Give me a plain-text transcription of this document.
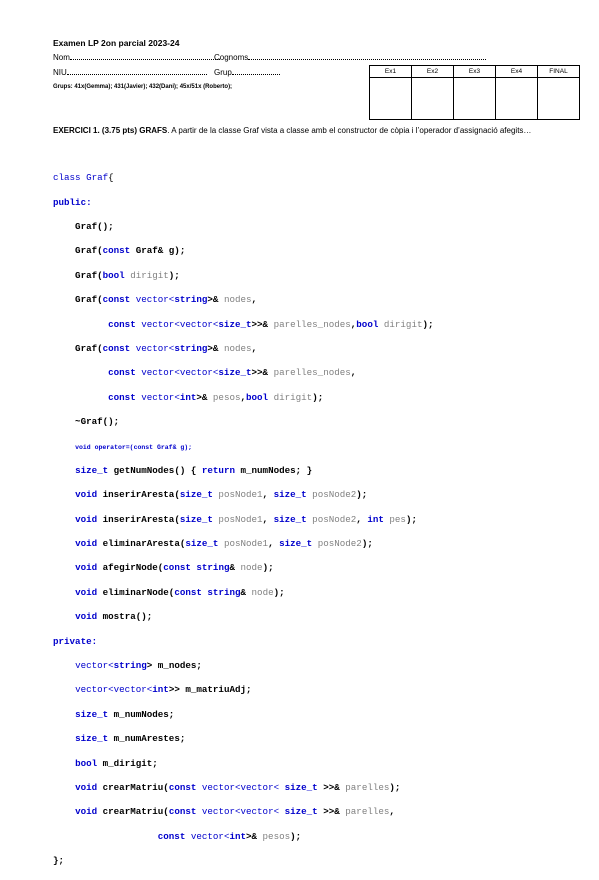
Examen LP 2on parcial 2023-24
Nom	Cognoms
NIU	Grup
Grups: 41x(Gemma); 431(Javier); 432(Dani); 45x/51x (Roberto);
Ex1	Ex2	Ex3	Ex4	FINAL

EXERCICI 1. (3.75 pts) GRAFS. A partir de la classe Graf vista a classe amb el constructor de còpia i l’operador d’assignació afegits…

class Graf{

public:

Graf();

Graf(const Graf& g);

Graf(bool dirigit);

Graf(const vector<string>& nodes,

const vector<vector<size_t>>& parelles_nodes,bool dirigit);

Graf(const vector<string>& nodes,

const vector<vector<size_t>>& parelles_nodes,

const vector<int>& pesos,bool dirigit);

~Graf();

void operator=(const Graf& g);

size_t getNumNodes() { return m_numNodes; }

void inserirAresta(size_t posNode1, size_t posNode2);

void inserirAresta(size_t posNode1, size_t posNode2, int pes);

void eliminarAresta(size_t posNode1, size_t posNode2);

void afegirNode(const string& node);

void eliminarNode(const string& node);

void mostra();

private:

vector<string> m_nodes;

vector<vector<int>> m_matriuAdj;

size_t m_numNodes;

size_t m_numArestes;

bool m_dirigit;

void crearMatriu(const vector<vector< size_t >>& parelles);

void crearMatriu(const vector<vector< size_t >>& parelles,

const vector<int>& pesos);

};
